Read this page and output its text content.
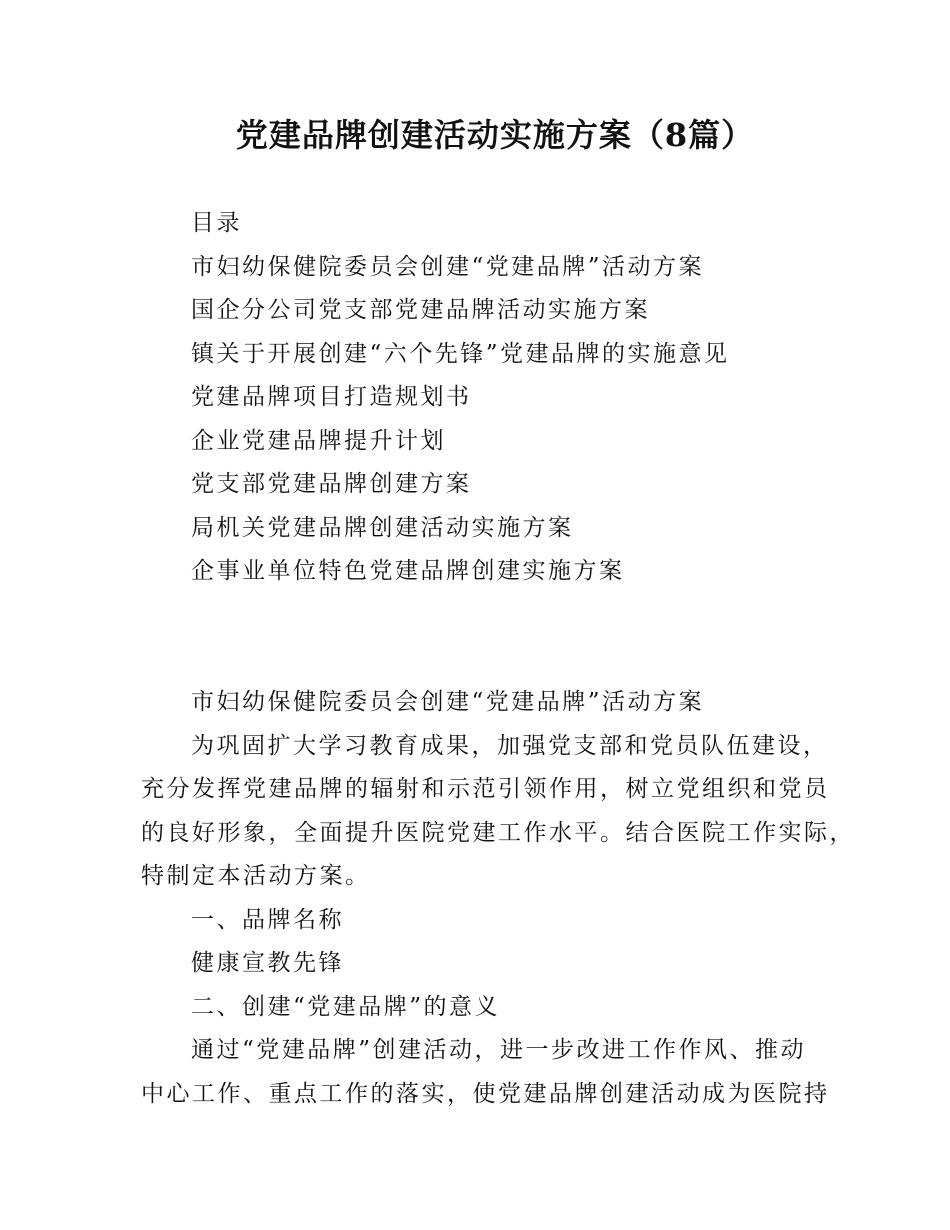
党建品牌创建活动实施方案（8篇）
目录
市妇幼保健院委员会创建“党建品牌”活动方案
国企分公司党支部党建品牌活动实施方案
镇关于开展创建“六个先锋”党建品牌的实施意见
党建品牌项目打造规划书
企业党建品牌提升计划
党支部党建品牌创建方案
局机关党建品牌创建活动实施方案
企事业单位特色党建品牌创建实施方案
市妇幼保健院委员会创建“党建品牌”活动方案
为巩固扩大学习教育成果，加强党支部和党员队伍建设，
充分发挥党建品牌的辐射和示范引领作用，树立党组织和党员
的良好形象，全面提升医院党建工作水平。结合医院工作实际，
特制定本活动方案。
一、品牌名称
健康宣教先锋
二、创建“党建品牌”的意义
通过“党建品牌”创建活动，进一步改进工作作风、推动
中心工作、重点工作的落实，使党建品牌创建活动成为医院持
